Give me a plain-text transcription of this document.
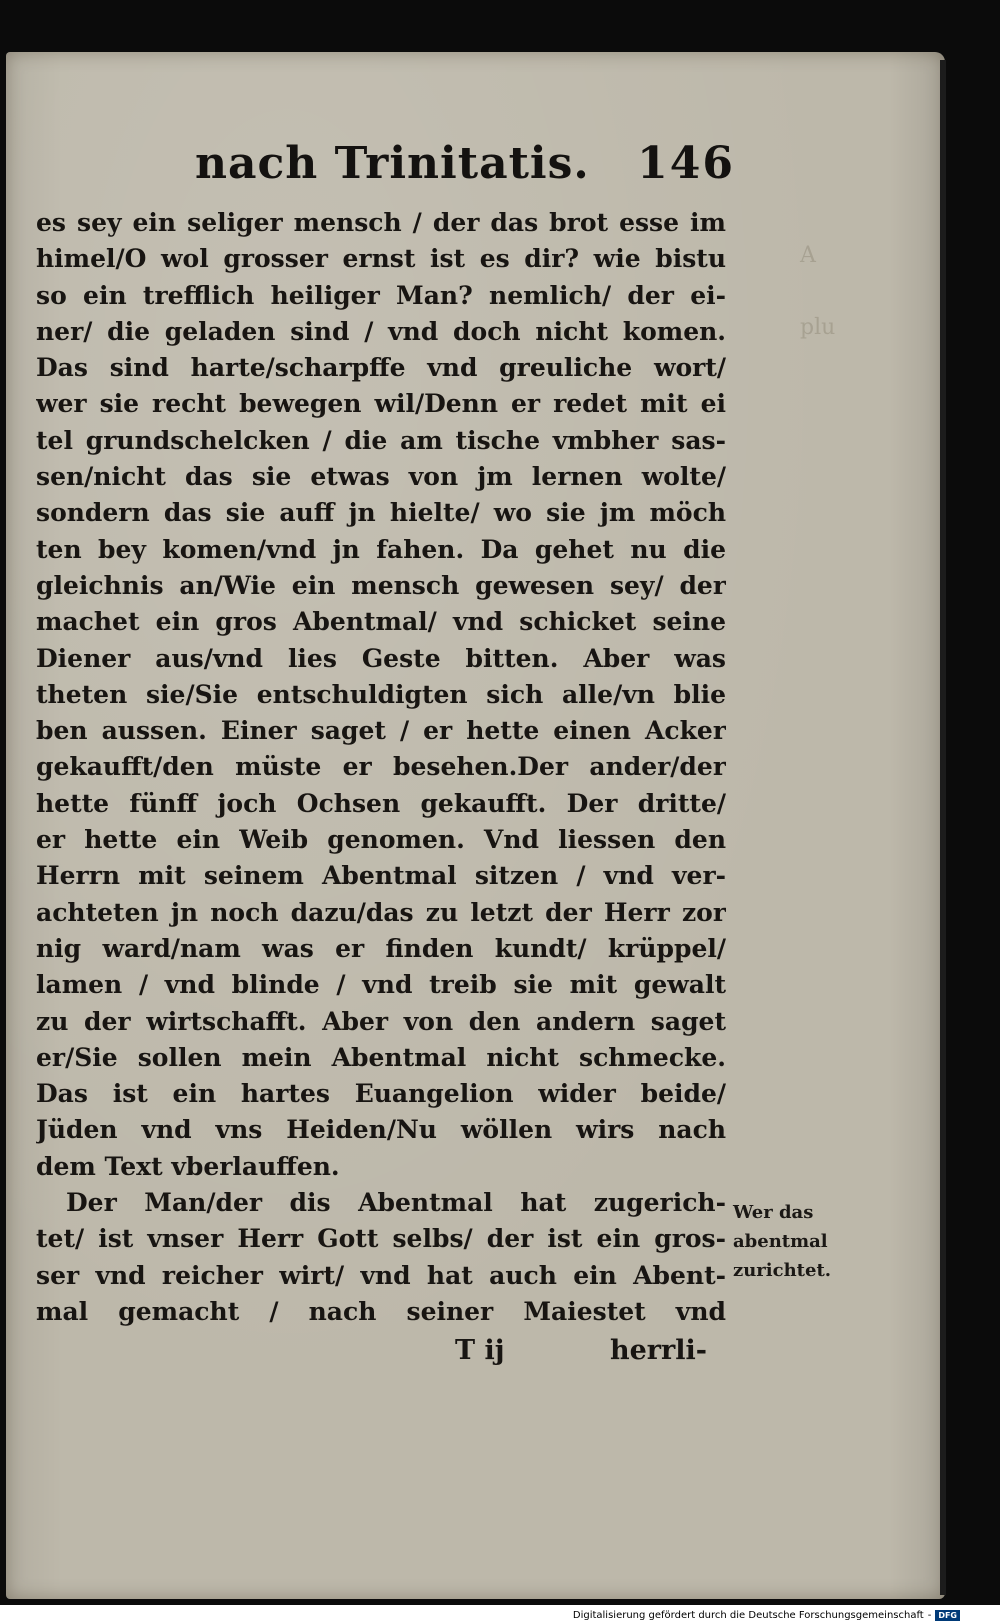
A

plu
nach Trinitatis. 146
es sey ein seliger mensch / der das brot esse im
himel/O wol grosser ernst ist es dir? wie bistu
so ein trefflich heiliger Man? nemlich/ der ei-
ner/ die geladen sind / vnd doch nicht komen.
Das sind harte/scharpffe vnd greuliche wort/
wer sie recht bewegen wil/Denn er redet mit ei
tel grundschelcken / die am tische vmbher sas-
sen/nicht das sie etwas von jm lernen wolte/
sondern das sie auff jn hielte/ wo sie jm möch
ten bey komen/vnd jn fahen. Da gehet nu die
gleichnis an/Wie ein mensch gewesen sey/ der
machet ein gros Abentmal/ vnd schicket seine
Diener aus/vnd lies Geste bitten. Aber was
theten sie/Sie entschuldigten sich alle/vn blie
ben aussen. Einer saget / er hette einen Acker
gekaufft/den müste er besehen.Der ander/der
hette fünff joch Ochsen gekaufft. Der dritte/
er hette ein Weib genomen. Vnd liessen den
Herrn mit seinem Abentmal sitzen / vnd ver-
achteten jn noch dazu/das zu letzt der Herr zor
nig ward/nam was er finden kundt/ krüppel/
lamen / vnd blinde / vnd treib sie mit gewalt
zu der wirtschafft. Aber von den andern saget
er/Sie sollen mein Abentmal nicht schmecke.
Das ist ein hartes Euangelion wider beide/
Jüden vnd vns Heiden/Nu wöllen wirs nach
dem Text vberlauffen.
Der Man/der dis Abentmal hat zugerich-
tet/ ist vnser Herr Gott selbs/ der ist ein gros-
ser vnd reicher wirt/ vnd hat auch ein Abent-
mal gemacht / nach seiner Maiestet vnd
Wer das
abentmal
zurichtet.
T ij	herrli-
Digitalisierung gefördert durch die Deutsche Forschungsgemeinschaft - DFG
